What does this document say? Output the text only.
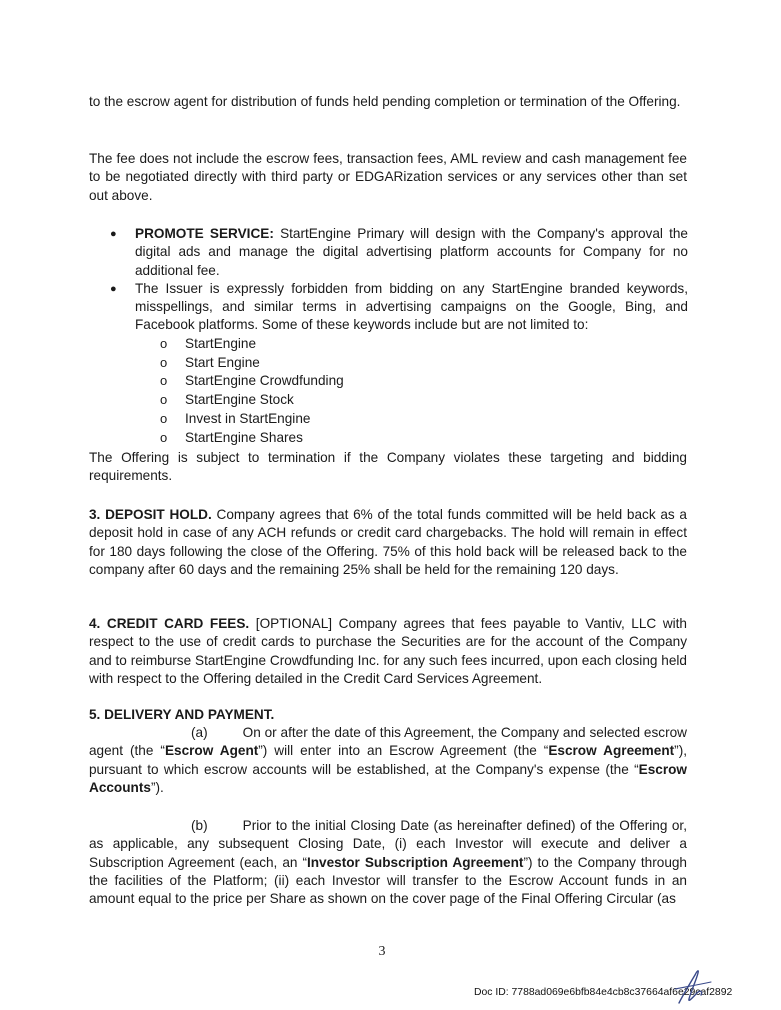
to the escrow agent for distribution of funds held pending completion or termination of the Offering.

The fee does not include the escrow fees, transaction fees, AML review and cash management fee to be negotiated directly with third party or EDGARization services or any services other than set out above.

● PROMOTE SERVICE: StartEngine Primary will design with the Company's approval the digital ads and manage the digital advertising platform accounts for Company for no additional fee.
● The Issuer is expressly forbidden from bidding on any StartEngine branded keywords, misspellings, and similar terms in advertising campaigns on the Google, Bing, and Facebook platforms. Some of these keywords include but are not limited to:
o StartEngine
o Start Engine
o StartEngine Crowdfunding
o StartEngine Stock
o Invest in StartEngine
o StartEngine Shares

The Offering is subject to termination if the Company violates these targeting and bidding requirements.

3. DEPOSIT HOLD. Company agrees that 6% of the total funds committed will be held back as a deposit hold in case of any ACH refunds or credit card chargebacks. The hold will remain in effect for 180 days following the close of the Offering. 75% of this hold back will be released back to the company after 60 days and the remaining 25% shall be held for the remaining 120 days.

4. CREDIT CARD FEES. [OPTIONAL] Company agrees that fees payable to Vantiv, LLC with respect to the use of credit cards to purchase the Securities are for the account of the Company and to reimburse StartEngine Crowdfunding Inc. for any such fees incurred, upon each closing held with respect to the Offering detailed in the Credit Card Services Agreement.

5. DELIVERY AND PAYMENT.

(a)	On or after the date of this Agreement, the Company and selected escrow agent (the “Escrow Agent”) will enter into an Escrow Agreement (the “Escrow Agreement”), pursuant to which escrow accounts will be established, at the Company's expense (the “Escrow Accounts”).

(b)	Prior to the initial Closing Date (as hereinafter defined) of the Offering or, as applicable, any subsequent Closing Date, (i) each Investor will execute and deliver a Subscription Agreement (each, an “Investor Subscription Agreement”) to the Company through the facilities of the Platform; (ii) each Investor will transfer to the Escrow Account funds in an amount equal to the price per Share as shown on the cover page of the Final Offering Circular (as

3
Doc ID: 7788ad069e6bfb84e4cb8c37664af6e29caf2892
